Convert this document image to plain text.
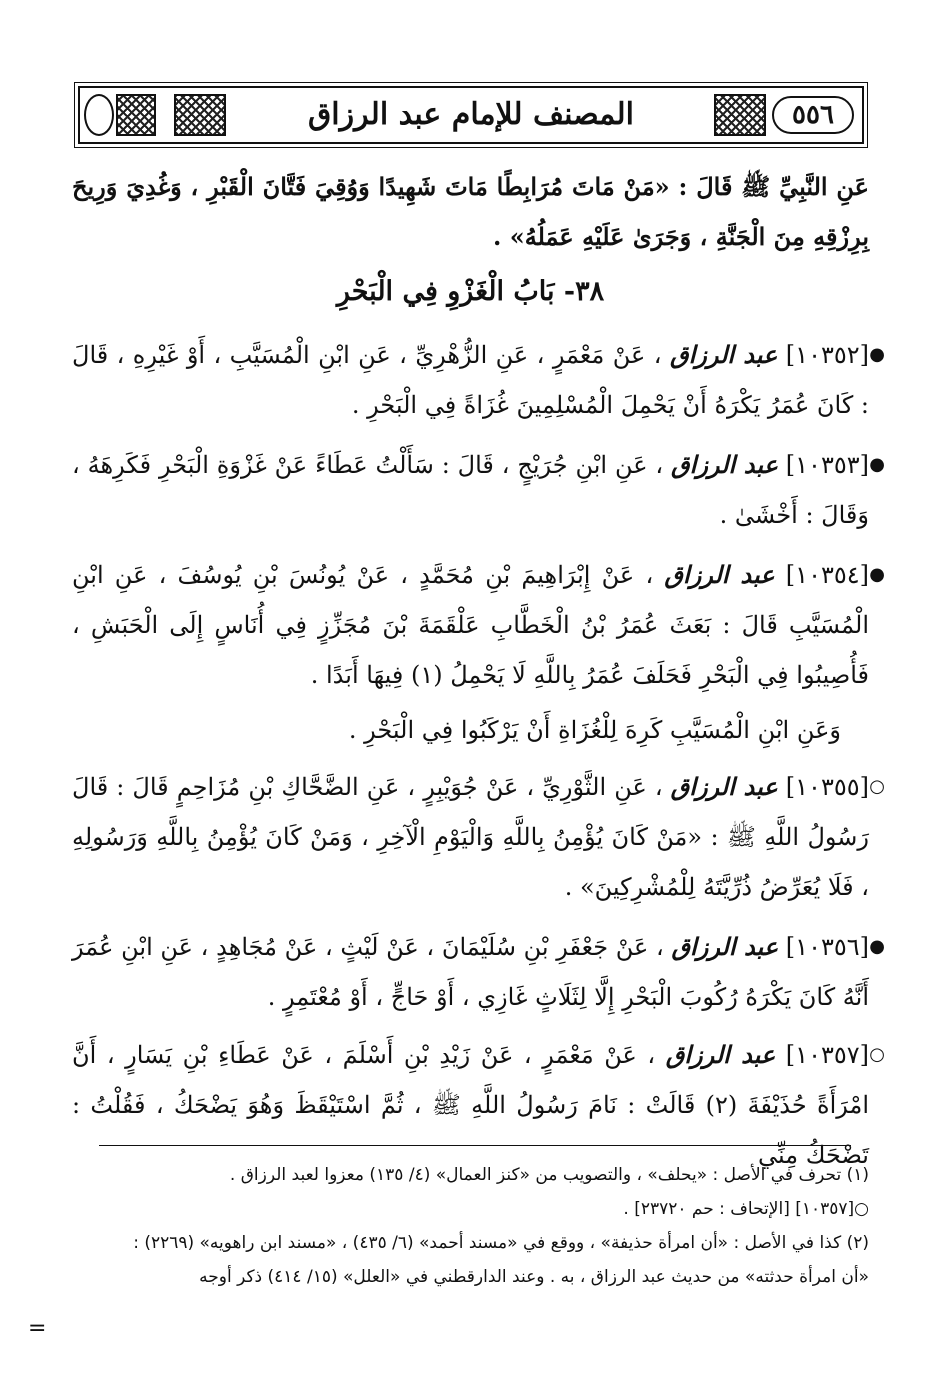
٥٥٦
المصنف للإمام عبد الرزاق

عَنِ النَّبِيِّ ﷺ قَالَ : «مَنْ مَاتَ مُرَابِطًا مَاتَ شَهِيدًا وَوُقِيَ فَتَّانَ الْقَبْرِ ، وَغُدِيَ وَرِيحَ بِرِزْقِهِ مِنَ الْجَنَّةِ ، وَجَرَىٰ عَلَيْهِ عَمَلُهُ» .

٣٨- بَابُ الْغَزْوِ فِي الْبَحْرِ

●
[١٠٣٥٢] عبد الرزاق ، عَنْ مَعْمَرٍ ، عَنِ الزُّهْرِيِّ ، عَنِ ابْنِ الْمُسَيَّبِ ، أَوْ غَيْرِهِ ، قَالَ : كَانَ عُمَرُ يَكْرَهُ أَنْ يَحْمِلَ الْمُسْلِمِينَ غُزَاةً فِي الْبَحْرِ .

●
[١٠٣٥٣] عبد الرزاق ، عَنِ ابْنِ جُرَيْجٍ ، قَالَ : سَأَلْتُ عَطَاءً عَنْ غَزْوَةِ الْبَحْرِ فَكَرِهَهُ ، وَقَالَ : أَخْشَىٰ .

●
[١٠٣٥٤] عبد الرزاق ، عَنْ إِبْرَاهِيمَ بْنِ مُحَمَّدٍ ، عَنْ يُونُسَ بْنِ يُوسُفَ ، عَنِ ابْنِ الْمُسَيَّبِ قَالَ : بَعَثَ عُمَرُ بْنُ الْخَطَّابِ عَلْقَمَةَ بْنَ مُجَزِّزٍ فِي أُنَاسٍ إِلَى الْحَبَشِ ، فَأُصِيبُوا فِي الْبَحْرِ فَحَلَفَ عُمَرُ بِاللَّهِ لَا يَحْمِلُ (١) فِيهَا أَبَدًا .

وَعَنِ ابْنِ الْمُسَيَّبِ كَرِهَ لِلْغُزَاةِ أَنْ يَرْكَبُوا فِي الْبَحْرِ .

○
[١٠٣٥٥] عبد الرزاق ، عَنِ الثَّوْرِيِّ ، عَنْ جُوَيْبِرٍ ، عَنِ الضَّحَّاكِ بْنِ مُزَاحِمٍ قَالَ : قَالَ رَسُولُ اللَّهِ ﷺ : «مَنْ كَانَ يُؤْمِنُ بِاللَّهِ وَالْيَوْمِ الْآخِرِ ، وَمَنْ كَانَ يُؤْمِنُ بِاللَّهِ وَرَسُولِهِ ، فَلَا يُعَرِّضُ ذُرِّيَّتَهُ لِلْمُشْرِكِينَ» .

●
[١٠٣٥٦] عبد الرزاق ، عَنْ جَعْفَرِ بْنِ سُلَيْمَانَ ، عَنْ لَيْثٍ ، عَنْ مُجَاهِدٍ ، عَنِ ابْنِ عُمَرَ أَنَّهُ كَانَ يَكْرَهُ رُكُوبَ الْبَحْرِ إِلَّا لِثَلَاثٍ غَازِي ، أَوْ حَاجٍّ ، أَوْ مُعْتَمِرٍ .

○
[١٠٣٥٧] عبد الرزاق ، عَنْ مَعْمَرٍ ، عَنْ زَيْدِ بْنِ أَسْلَمَ ، عَنْ عَطَاءِ بْنِ يَسَارٍ ، أَنَّ امْرَأَةً حُذَيْفَةَ (٢) قَالَتْ : نَامَ رَسُولُ اللَّهِ ﷺ ، ثُمَّ اسْتَيْقَظَ وَهُوَ يَضْحَكُ ، فَقُلْتُ : تَضْحَكُ مِنِّي

(١) تحرف في الأصل : «يحلف» ، والتصويب من «كنز العمال» (٤/ ١٣٥) معزوا لعبد الرزاق .

○[١٠٣٥٧] [الإتحاف : حم ٢٣٧٢٠] .

(٢) كذا في الأصل : «أن امرأة حذيفة» ، ووقع في «مسند أحمد» (٦/ ٤٣٥) ، «مسند ابن راهويه» (٢٢٦٩) :

«أن امرأة حدثته» من حديث عبد الرزاق ، به . وعند الدارقطني في «العلل» (١٥/ ٤١٤) ذكر أوجه

=
